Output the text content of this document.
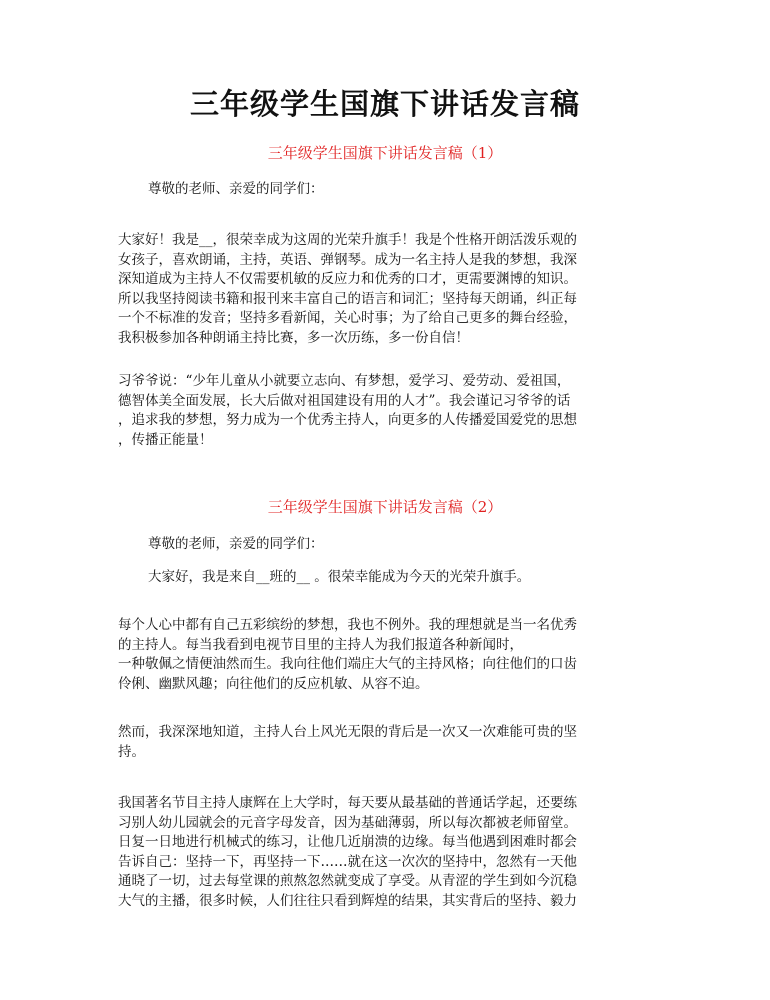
三年级学生国旗下讲话发言稿
三年级学生国旗下讲话发言稿（1）

尊敬的老师、亲爱的同学们：

大家好！我是__，很荣幸成为这周的光荣升旗手！我是个性格开朗活泼乐观的
女孩子，喜欢朗诵，主持，英语、弹钢琴。成为一名主持人是我的梦想，我深
深知道成为主持人不仅需要机敏的反应力和优秀的口才，更需要渊博的知识。
所以我坚持阅读书籍和报刊来丰富自己的语言和词汇；坚持每天朗诵，纠正每
一个不标准的发音；坚持多看新闻，关心时事；为了给自己更多的舞台经验，
我积极参加各种朗诵主持比赛，多一次历练，多一份自信！

习爷爷说：“少年儿童从小就要立志向、有梦想，爱学习、爱劳动、爱祖国，
德智体美全面发展，长大后做对祖国建设有用的人才”。我会谨记习爷爷的话
，追求我的梦想，努力成为一个优秀主持人，向更多的人传播爱国爱党的思想
，传播正能量！

三年级学生国旗下讲话发言稿（2）

尊敬的老师，亲爱的同学们：

大家好，我是来自__班的__ 。很荣幸能成为今天的光荣升旗手。

每个人心中都有自己五彩缤纷的梦想，我也不例外。我的理想就是当一名优秀
的主持人。每当我看到电视节目里的主持人为我们报道各种新闻时，
一种敬佩之情便油然而生。我向往他们端庄大气的主持风格；向往他们的口齿
伶俐、幽默风趣；向往他们的反应机敏、从容不迫。

然而，我深深地知道，主持人台上风光无限的背后是一次又一次难能可贵的坚
持。

我国著名节目主持人康辉在上大学时，每天要从最基础的普通话学起，还要练
习别人幼儿园就会的元音字母发音，因为基础薄弱，所以每次都被老师留堂。
日复一日地进行机械式的练习，让他几近崩溃的边缘。每当他遇到困难时都会
告诉自己：坚持一下，再坚持一下……就在这一次次的坚持中，忽然有一天他
通晓了一切，过去每堂课的煎熬忽然就变成了享受。从青涩的学生到如今沉稳
大气的主播，很多时候，人们往往只看到辉煌的结果，其实背后的坚持、毅力
